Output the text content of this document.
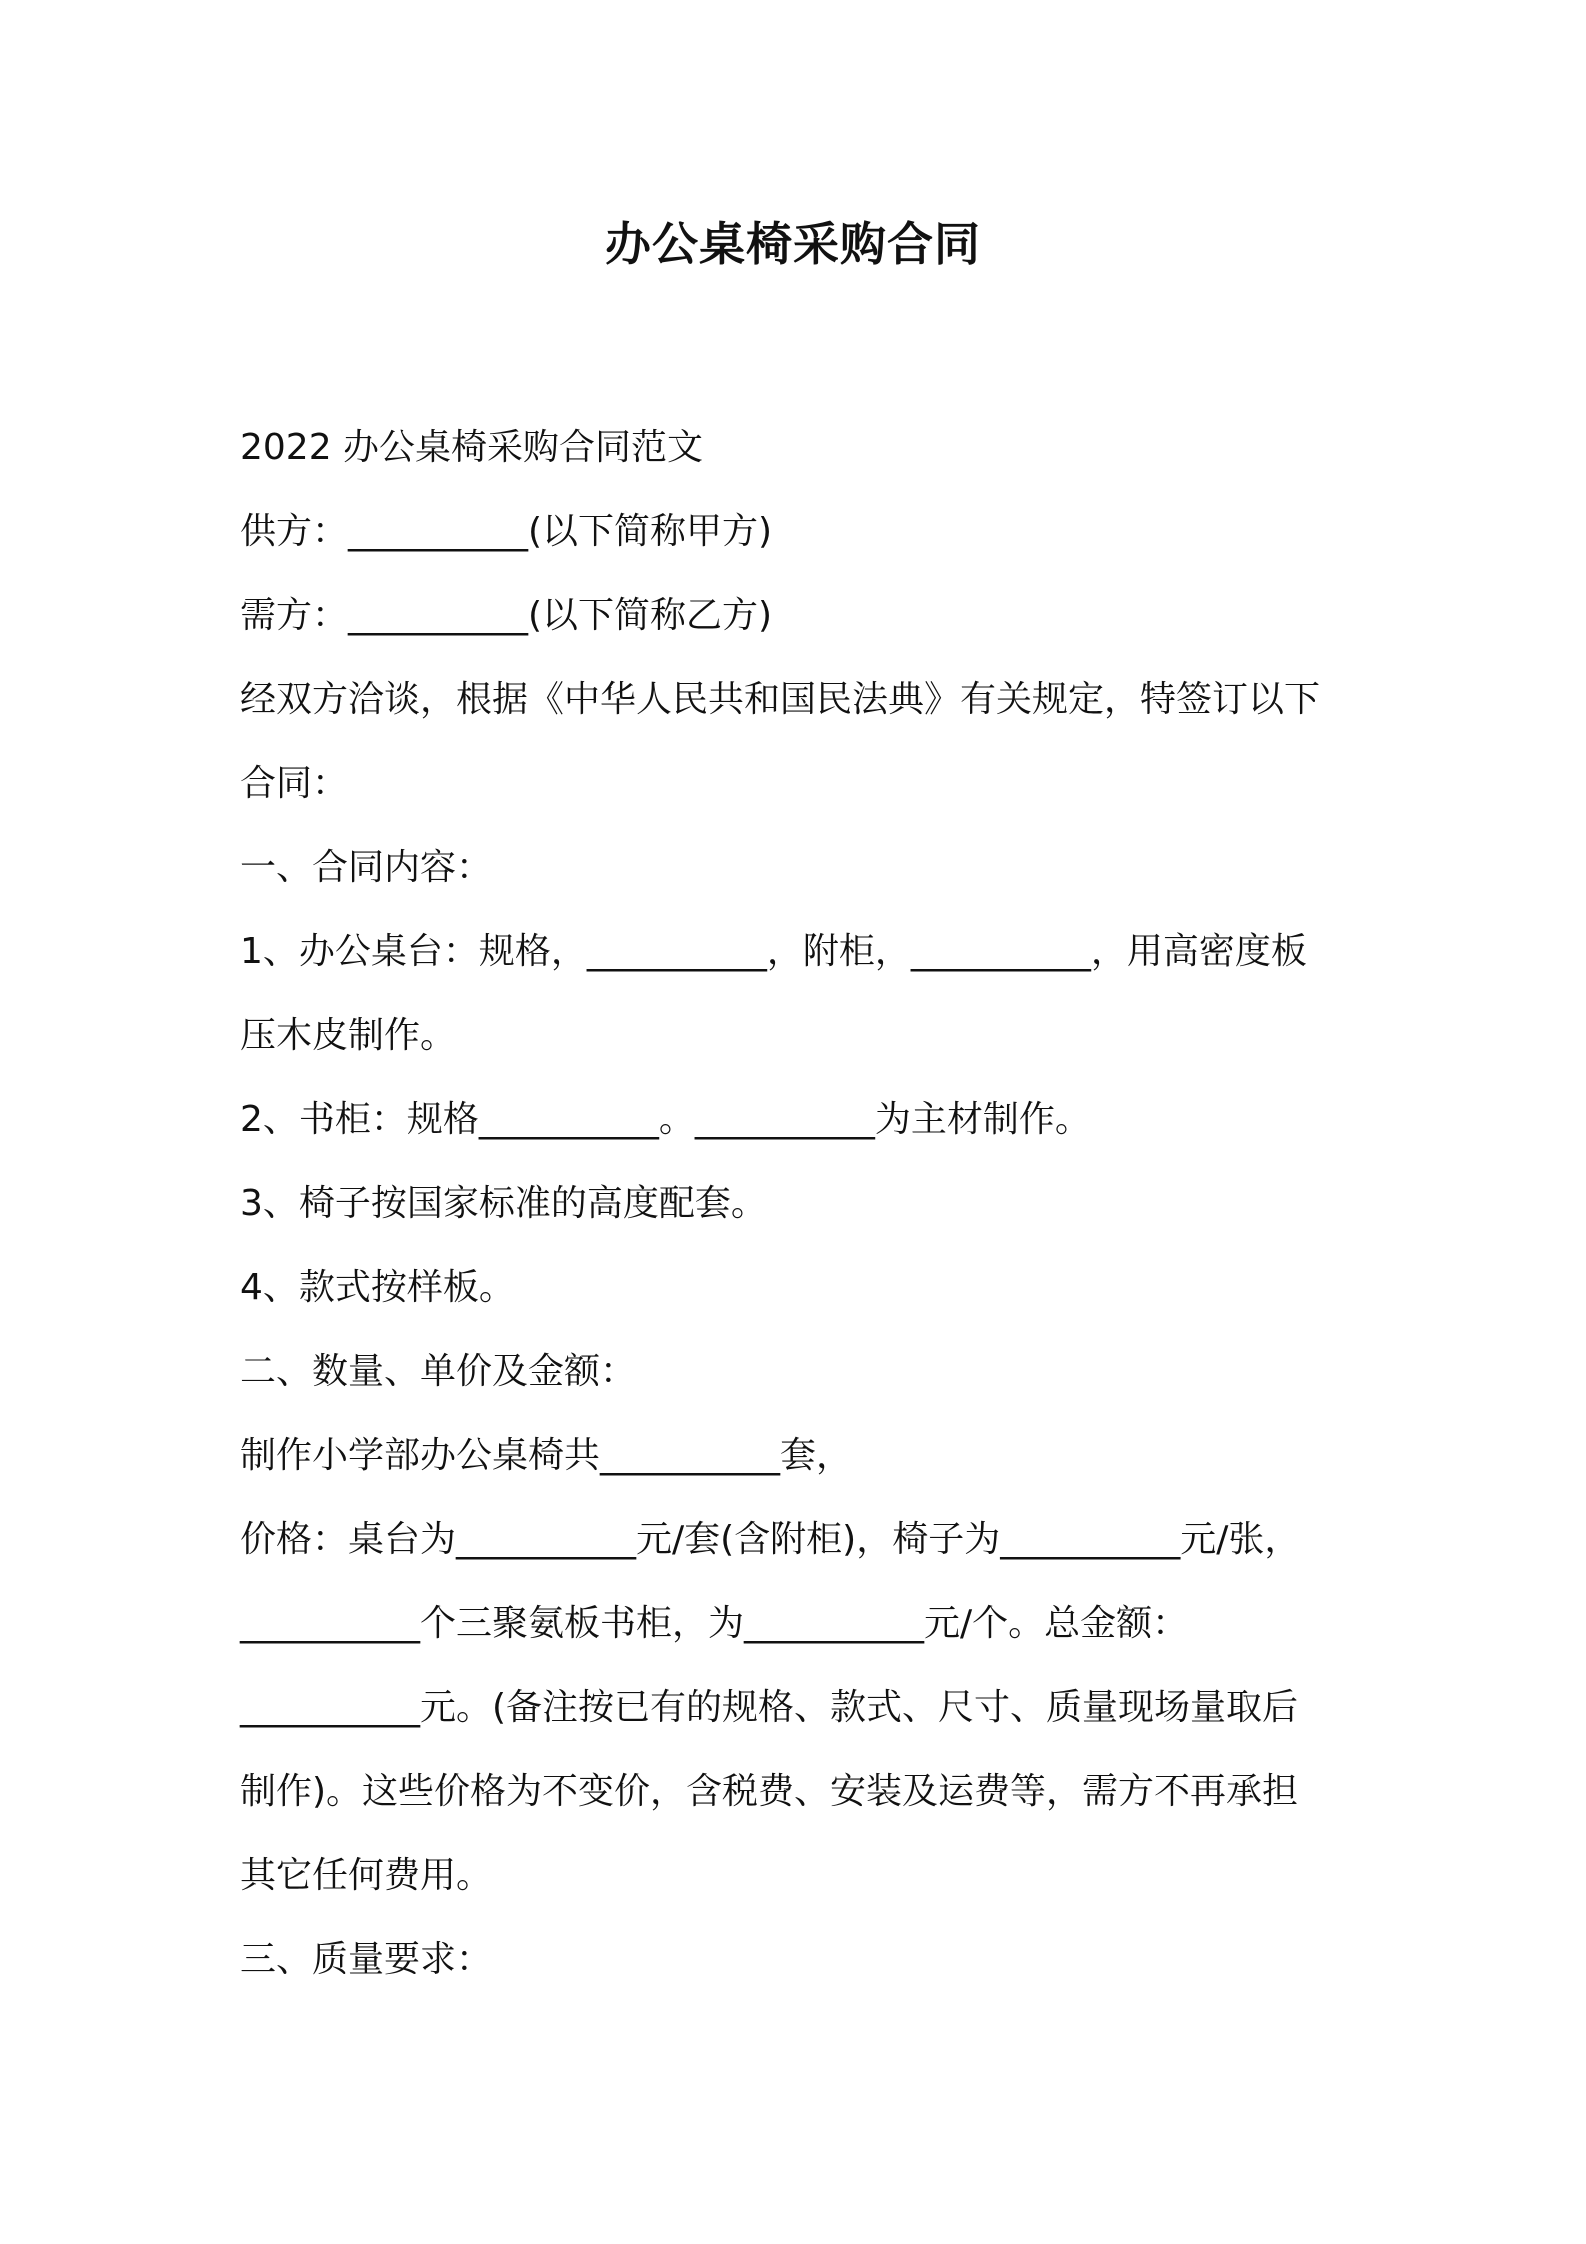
办公桌椅采购合同
2022 办公桌椅采购合同范文
供方：__________(以下简称甲方)
需方：__________(以下简称乙方)
经双方洽谈，根据《中华人民共和国民法典》有关规定，特签订以下
合同：
一、合同内容：
1、办公桌台：规格，__________，附柜，__________，用高密度板
压木皮制作。
2、书柜：规格__________。__________为主材制作。
3、椅子按国家标准的高度配套。
4、款式按样板。
二、数量、单价及金额：
制作小学部办公桌椅共__________套，
价格：桌台为__________元/套(含附柜)，椅子为__________元/张，
__________个三聚氨板书柜，为__________元/个。总金额：
__________元。(备注按已有的规格、款式、尺寸、质量现场量取后
制作)。这些价格为不变价，含税费、安装及运费等，需方不再承担
其它任何费用。
三、质量要求：
